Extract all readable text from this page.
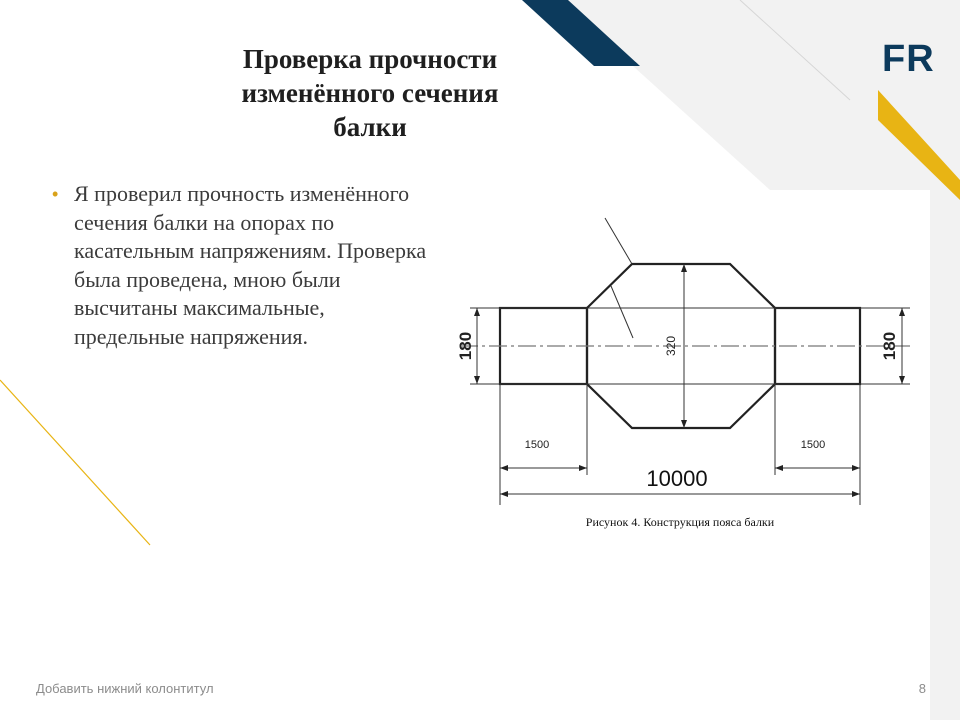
Проверка прочности
изменённого сечения
балки
FR
• Я проверил прочность изменённого сечения балки на опорах по касательным напряжениям. Проверка была проведена, мною были высчитаны максимальные, предельные напряжения.	180	180
320
1500	1500
10000
Рисунок 4. Конструкция пояса балки
Добавить нижний колонтитул	8
